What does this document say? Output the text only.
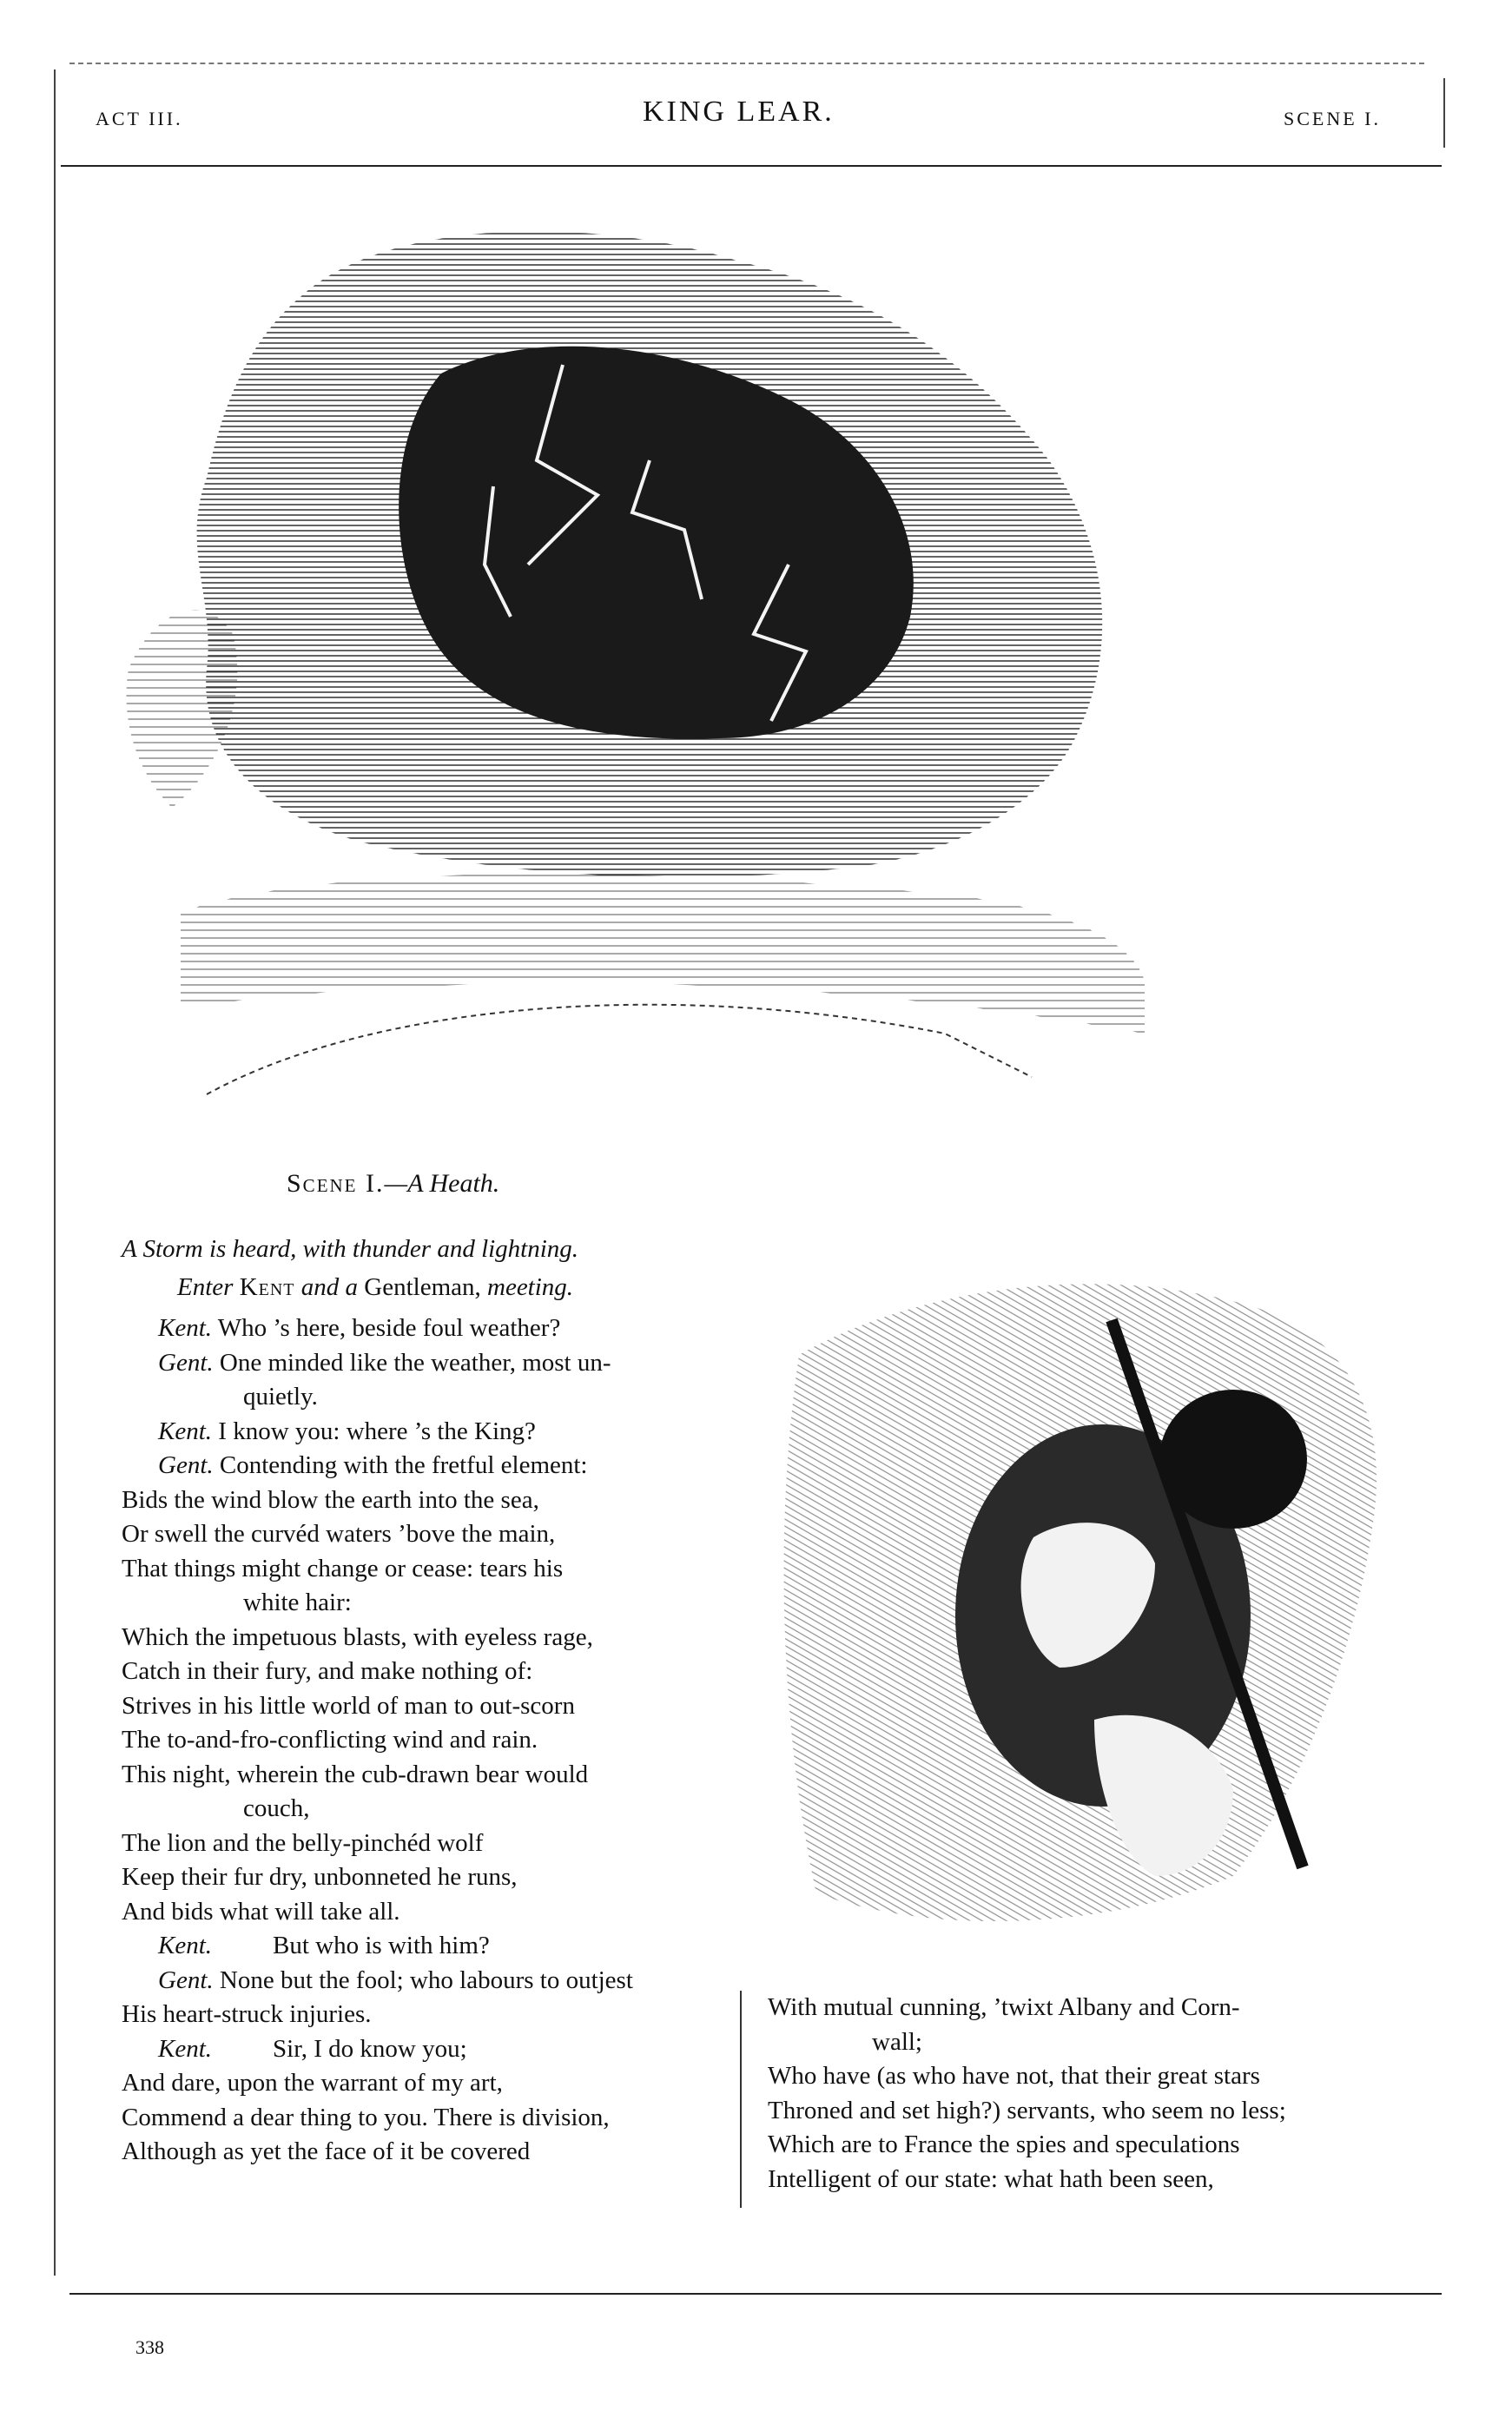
ACT III.	KING LEAR.	SCENE I.
Scene I.—A Heath.
A Storm is heard, with thunder and lightning.
Enter Kent and a Gentleman, meeting.
Kent. Who ’s here, beside foul weather?
Gent. One minded like the weather, most un-
quietly.
Kent. I know you: where ’s the King?
Gent. Contending with the fretful element:
Bids the wind blow the earth into the sea,
Or swell the curvéd waters ’bove the main,
That things might change or cease: tears his
white hair:
Which the impetuous blasts, with eyeless rage,
Catch in their fury, and make nothing of:
Strives in his little world of man to out-scorn
The to-and-fro-conflicting wind and rain.
This night, wherein the cub-drawn bear would
couch,
The lion and the belly-pinchéd wolf
Keep their fur dry, unbonneted he runs,
And bids what will take all.
Kent. But who is with him?
Gent. None but the fool; who labours to outjest
His heart-struck injuries.
Kent. Sir, I do know you;
And dare, upon the warrant of my art,
Commend a dear thing to you. There is division,
Although as yet the face of it be covered
With mutual cunning, ’twixt Albany and Corn-
wall;
Who have (as who have not, that their great stars
Throned and set high?) servants, who seem no less;
Which are to France the spies and speculations
Intelligent of our state: what hath been seen,
338
